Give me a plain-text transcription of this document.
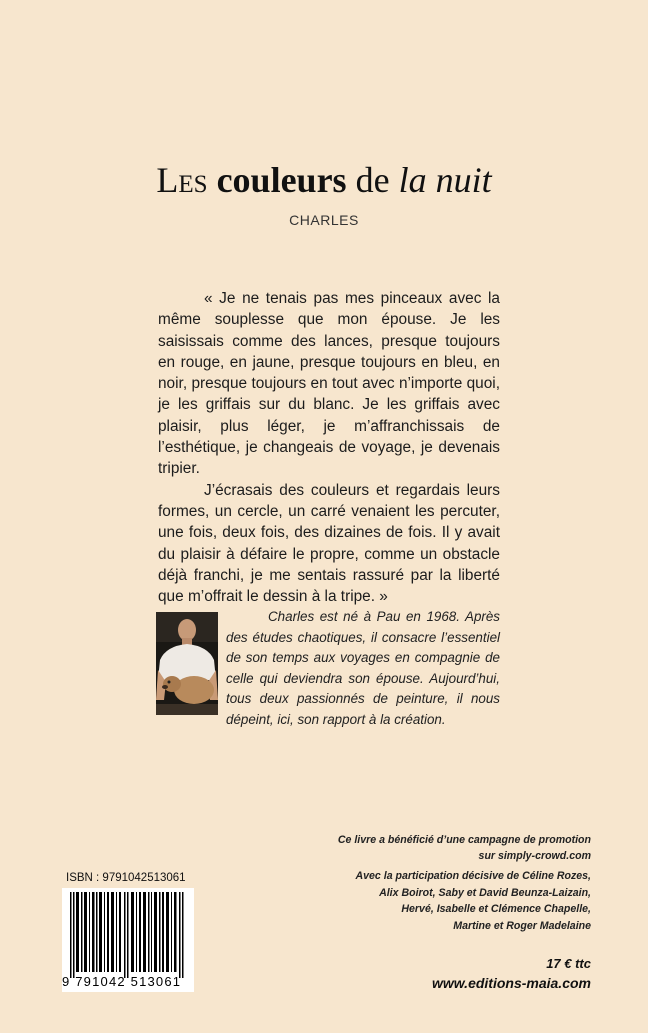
Les couleurs de la nuit
CHARLES

« Je ne tenais pas mes pinceaux avec la même souplesse que mon épouse. Je les saisissais comme des lances, presque toujours en rouge, en jaune, presque toujours en bleu, en noir, presque toujours en tout avec n’importe quoi, je les griffais sur du blanc. Je les griffais avec plaisir, plus léger, je m’affranchissais de l’esthétique, je changeais de voyage, je devenais tripier.

J’écrasais des couleurs et regardais leurs formes, un cercle, un carré venaient les percuter, une fois, deux fois, des dizaines de fois. Il y avait du plaisir à défaire le propre, comme un obstacle déjà franchi, je me sentais rassuré par la liberté que m’offrait le dessin à la tripe. »

Charles est né à Pau en 1968. Après des études chaotiques, il consacre l’essentiel de son temps aux voyages en compagnie de celle qui deviendra son épouse. Aujourd’hui, tous deux passionnés de peinture, il nous dépeint, ici, son rapport à la création.

Ce livre a bénéficié d’une campagne de promotion
sur simply-crowd.com
Avec la participation décisive de Céline Rozes,
Alix Boirot, Saby et David Beunza-Laizain,
Hervé, Isabelle et Clémence Chapelle,
Martine et Roger Madelaine
ISBN : 9791042513061
9 791042 513061
17 € ttc
www.editions-maia.com
